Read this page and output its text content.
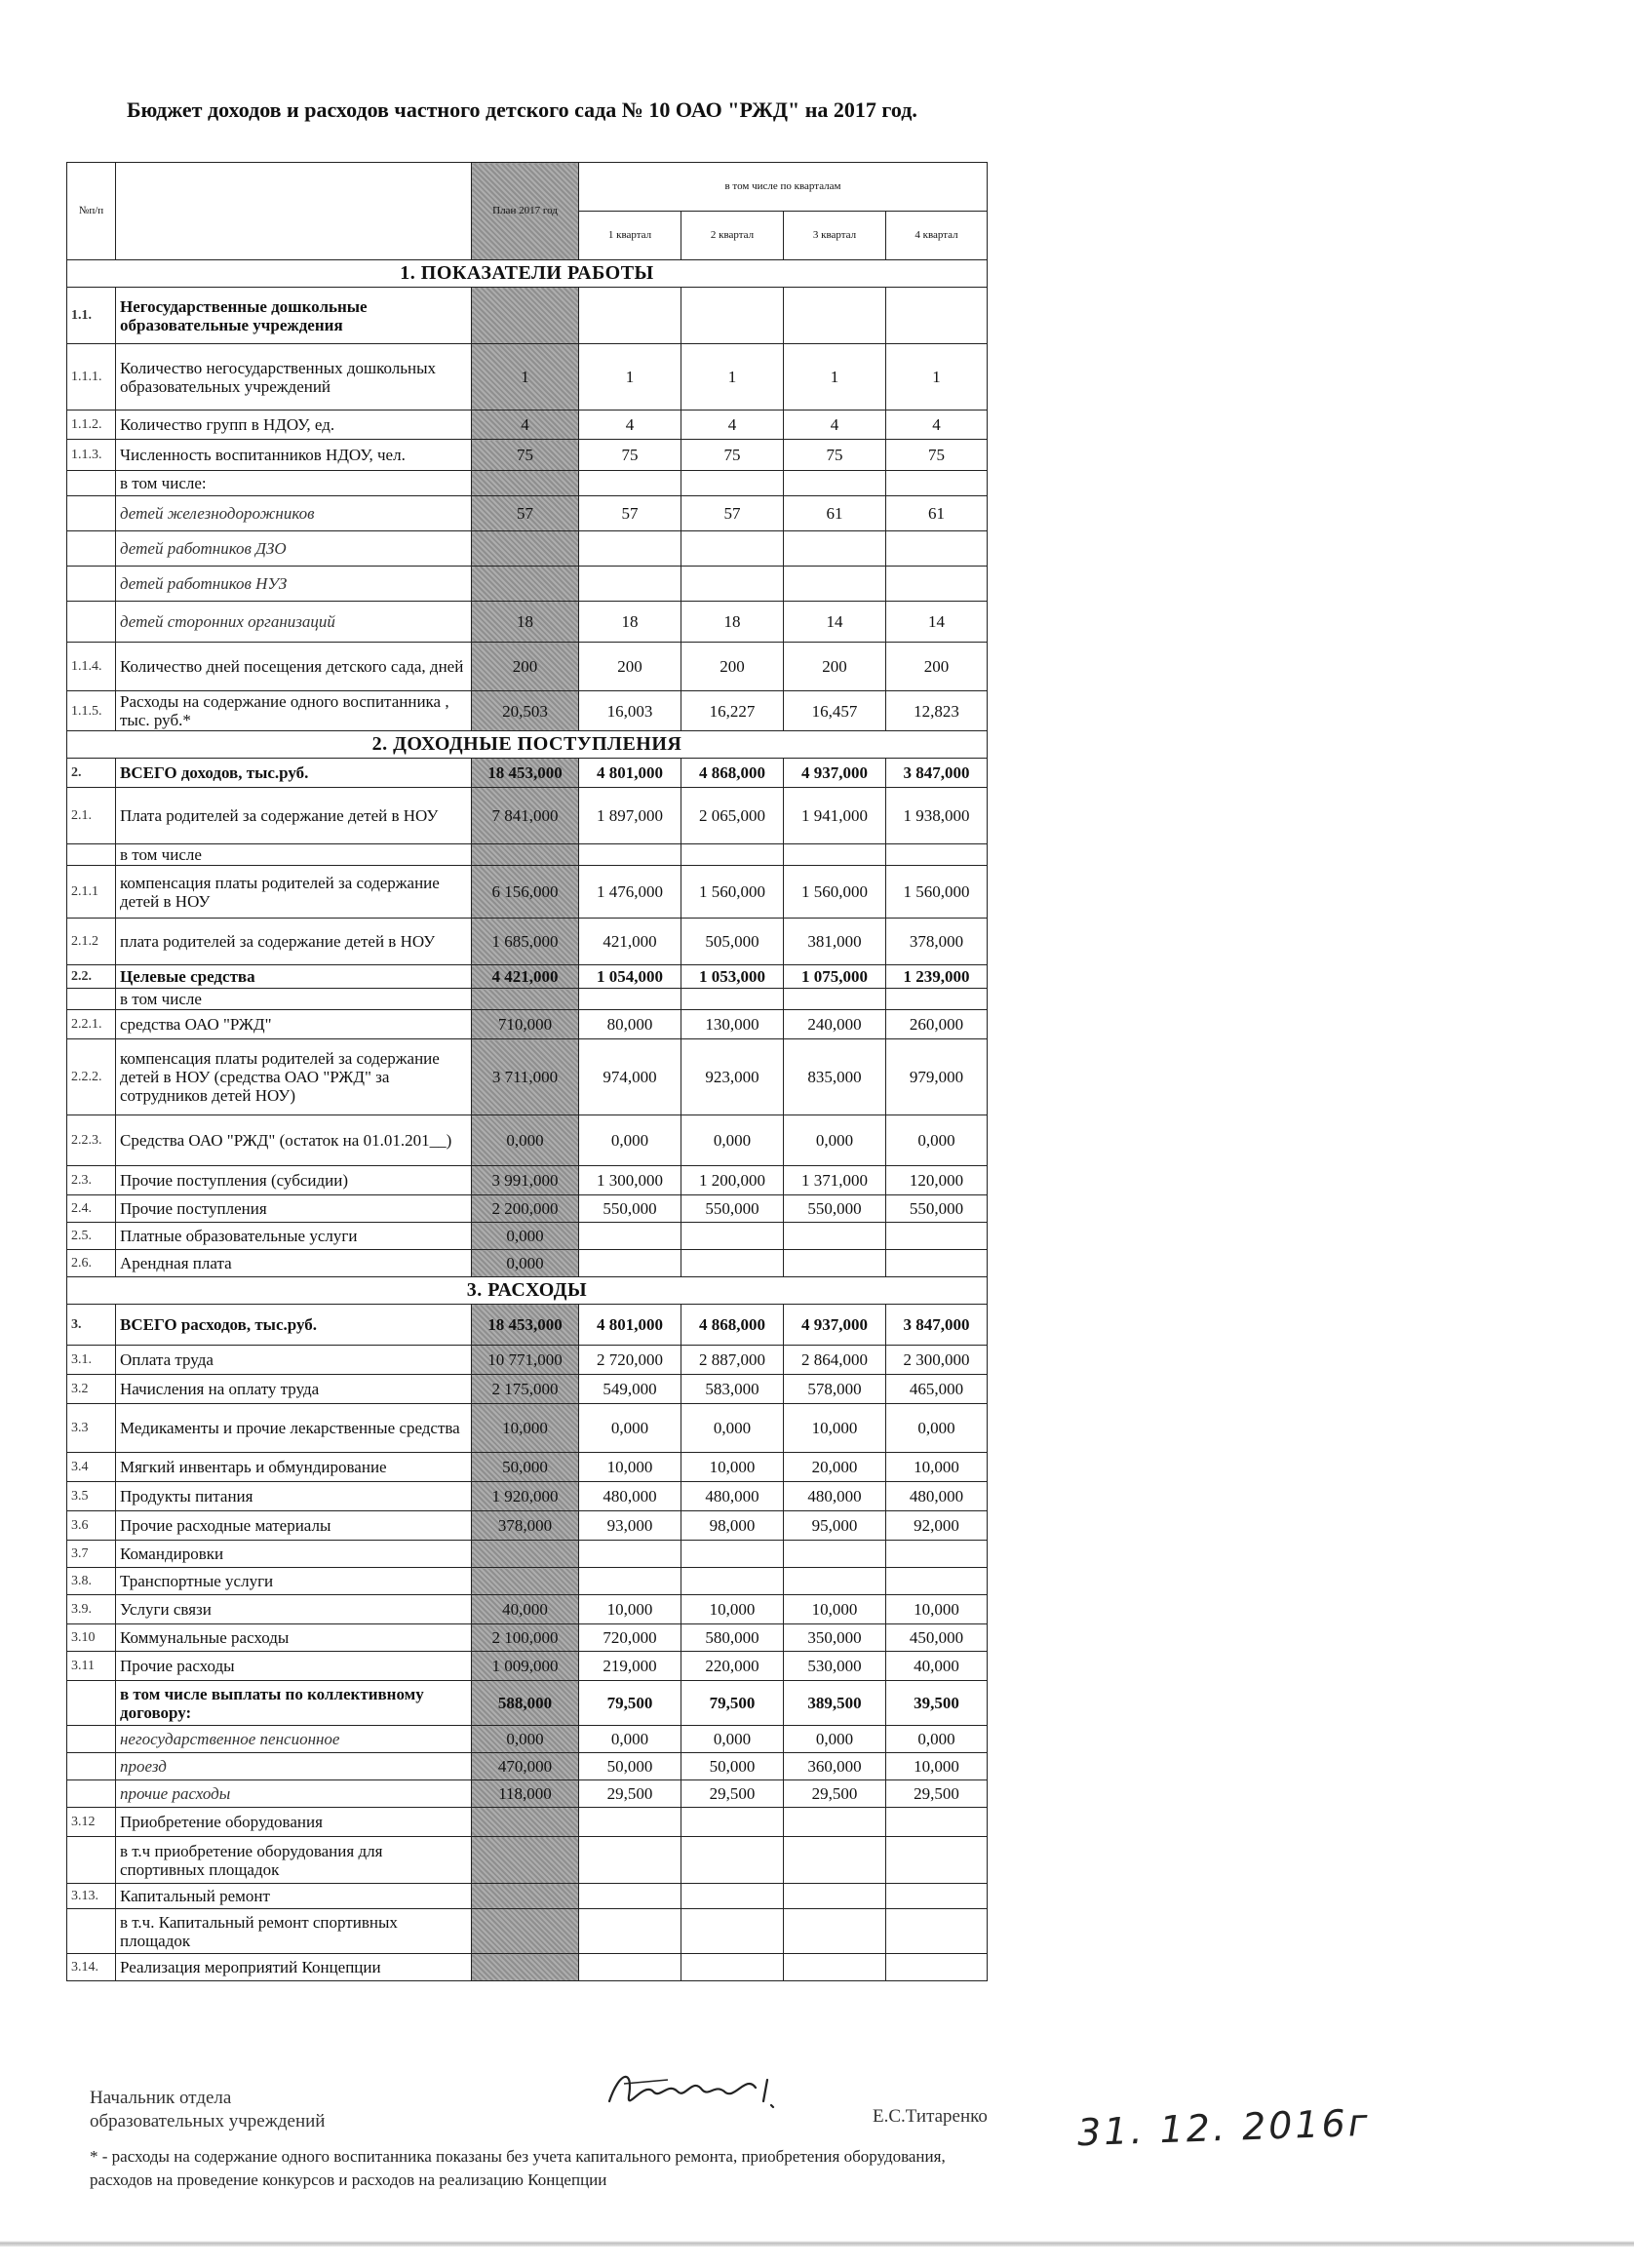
Бюджет доходов и расходов частного детского сада № 10 ОАО "РЖД" на 2017 год.
№п/п		План 2017 год	в том числе по кварталам			
			1 квартал	2 квартал	3 квартал	4 квартал
1. ПОКАЗАТЕЛИ РАБОТЫ						
1.1.	Негосударственные дошкольные образовательные учреждения					
1.1.1.	Количество негосударственных дошкольных образовательных учреждений	1	1	1	1	1
1.1.2.	Количество групп в НДОУ, ед.	4	4	4	4	4
1.1.3.	Численность воспитанников НДОУ, чел.	75	75	75	75	75
	в том числе:					
	детей железнодорожников	57	57	57	61	61
	детей работников ДЗО					
	детей работников НУЗ					
	детей сторонних организаций	18	18	18	14	14
1.1.4.	Количество дней посещения детского сада, дней	200	200	200	200	200
1.1.5.	Расходы на содержание одного воспитанника , тыс. руб.*	20,503	16,003	16,227	16,457	12,823
2. ДОХОДНЫЕ ПОСТУПЛЕНИЯ						
2.	ВСЕГО доходов, тыс.руб.	18 453,000	4 801,000	4 868,000	4 937,000	3 847,000
2.1.	Плата родителей за содержание детей в НОУ	7 841,000	1 897,000	2 065,000	1 941,000	1 938,000
	в том числе					
2.1.1	компенсация платы родителей за содержание детей в НОУ	6 156,000	1 476,000	1 560,000	1 560,000	1 560,000
2.1.2	плата родителей за содержание детей в НОУ	1 685,000	421,000	505,000	381,000	378,000
2.2.	Целевые средства	4 421,000	1 054,000	1 053,000	1 075,000	1 239,000
	в том числе					
2.2.1.	средства ОАО "РЖД"	710,000	80,000	130,000	240,000	260,000
2.2.2.	компенсация платы родителей за содержание детей в НОУ (средства ОАО "РЖД" за сотрудников детей НОУ)	3 711,000	974,000	923,000	835,000	979,000
2.2.3.	Средства ОАО "РЖД" (остаток на 01.01.201__)	0,000	0,000	0,000	0,000	0,000
2.3.	Прочие поступления (субсидии)	3 991,000	1 300,000	1 200,000	1 371,000	120,000
2.4.	Прочие поступления	2 200,000	550,000	550,000	550,000	550,000
2.5.	Платные образовательные услуги	0,000				
2.6.	Арендная плата	0,000				
3. РАСХОДЫ						
3.	ВСЕГО расходов, тыс.руб.	18 453,000	4 801,000	4 868,000	4 937,000	3 847,000
3.1.	Оплата труда	10 771,000	2 720,000	2 887,000	2 864,000	2 300,000
3.2	Начисления на оплату труда	2 175,000	549,000	583,000	578,000	465,000
3.3	Медикаменты и прочие лекарственные средства	10,000	0,000	0,000	10,000	0,000
3.4	Мягкий инвентарь и обмундирование	50,000	10,000	10,000	20,000	10,000
3.5	Продукты питания	1 920,000	480,000	480,000	480,000	480,000
3.6	Прочие расходные материалы	378,000	93,000	98,000	95,000	92,000
3.7	Командировки					
3.8.	Транспортные услуги					
3.9.	Услуги связи	40,000	10,000	10,000	10,000	10,000
3.10	Коммунальные расходы	2 100,000	720,000	580,000	350,000	450,000
3.11	Прочие расходы	1 009,000	219,000	220,000	530,000	40,000
	в том числе выплаты по коллективному договору:	588,000	79,500	79,500	389,500	39,500
	негосударственное пенсионное	0,000	0,000	0,000	0,000	0,000
	проезд	470,000	50,000	50,000	360,000	10,000
	прочие расходы	118,000	29,500	29,500	29,500	29,500
3.12	Приобретение оборудования					
	в т.ч приобретение оборудования для спортивных площадок					
3.13.	Капитальный ремонт					
	в т.ч. Капитальный ремонт спортивных площадок					
3.14.	Реализация мероприятий Концепции					
Начальник отдела
образовательных учреждений	Е.С.Титаренко 31. 12. 2016г
* - расходы на содержание одного воспитанника показаны без учета капитального ремонта, приобретения оборудования, расходов на проведение конкурсов и расходов на реализацию Концепции
